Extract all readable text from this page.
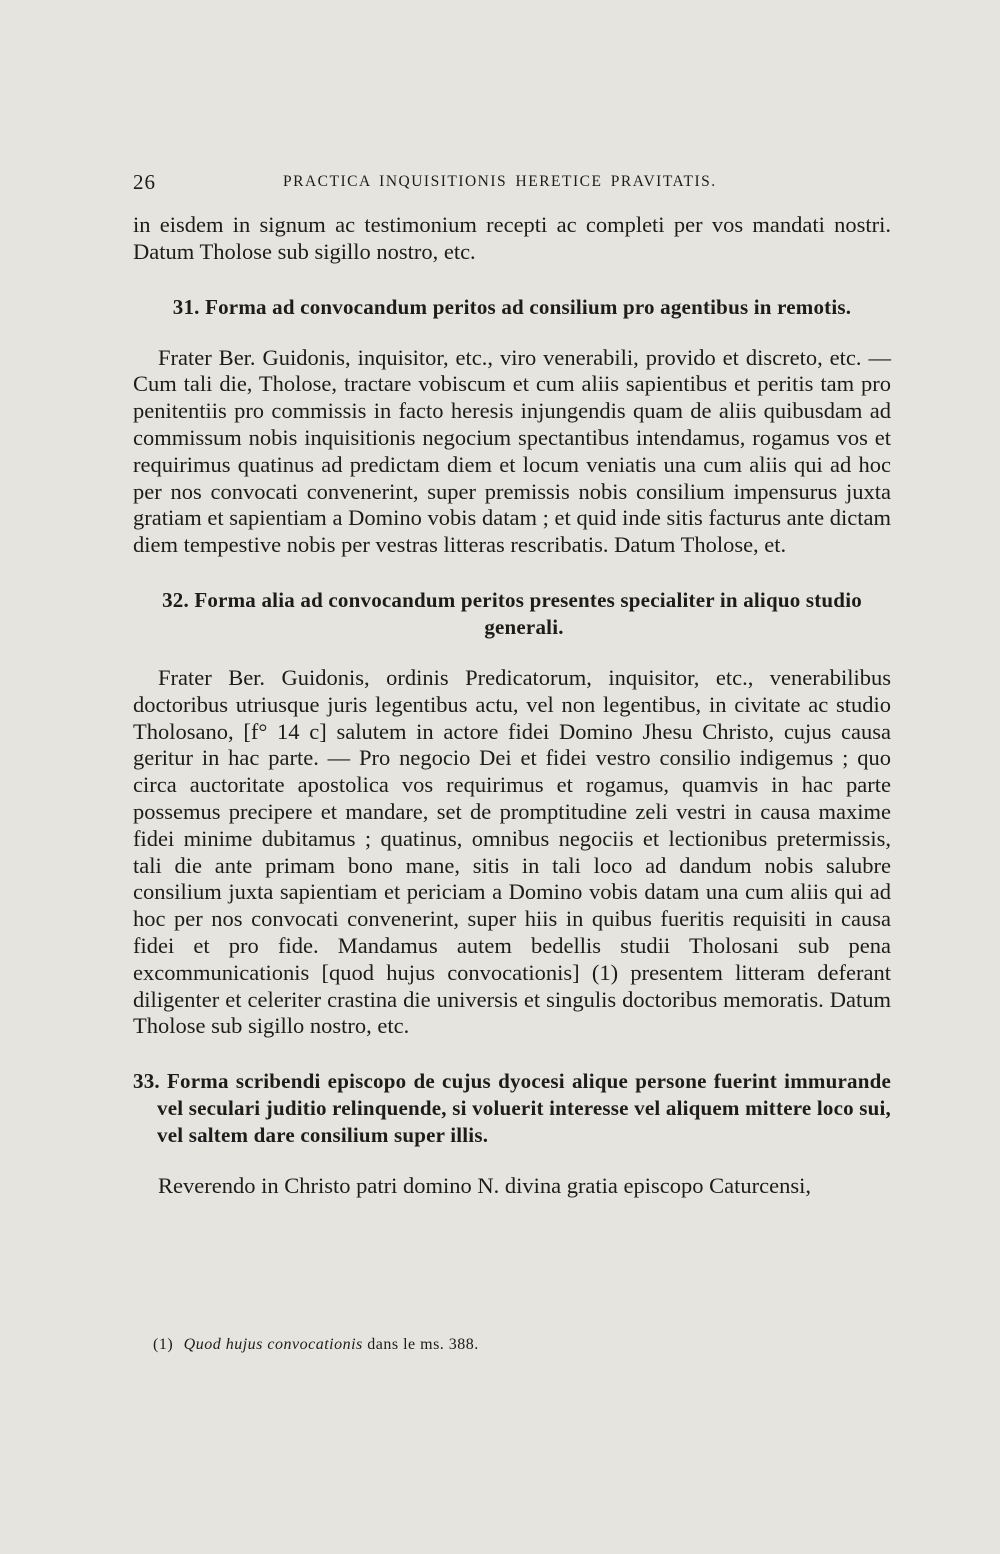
26	PRACTICA INQUISITIONIS HERETICE PRAVITATIS.

in eisdem in signum ac testimonium recepti ac completi per vos mandati nostri. Datum Tholose sub sigillo nostro, etc.

31. Forma ad convocandum peritos ad consilium pro agentibus in remotis.

Frater Ber. Guidonis, inquisitor, etc., viro venerabili, provido et discreto, etc. — Cum tali die, Tholose, tractare vobiscum et cum aliis sapientibus et peritis tam pro penitentiis pro commissis in facto heresis injungendis quam de aliis quibusdam ad commissum nobis inquisitionis negocium spectantibus intendamus, rogamus vos et requirimus quatinus ad predictam diem et locum veniatis una cum aliis qui ad hoc per nos convocati convenerint, super premissis nobis consilium impensurus juxta gratiam et sapientiam a Domino vobis datam ; et quid inde sitis facturus ante dictam diem tempestive nobis per vestras litteras rescribatis. Datum Tholose, et.

32. Forma alia ad convocandum peritos presentes specialiter in aliquo studio generali.

Frater Ber. Guidonis, ordinis Predicatorum, inquisitor, etc., venerabilibus doctoribus utriusque juris legentibus actu, vel non legentibus, in civitate ac studio Tholosano, [f° 14 c] salutem in actore fidei Domino Jhesu Christo, cujus causa geritur in hac parte. — Pro negocio Dei et fidei vestro consilio indigemus ; quo circa auctoritate apostolica vos requirimus et rogamus, quamvis in hac parte possemus precipere et mandare, set de promptitudine zeli vestri in causa maxime fidei minime dubitamus ; quatinus, omnibus negociis et lectionibus pretermissis, tali die ante primam bono mane, sitis in tali loco ad dandum nobis salubre consilium juxta sapientiam et periciam a Domino vobis datam una cum aliis qui ad hoc per nos convocati convenerint, super hiis in quibus fueritis requisiti in causa fidei et pro fide. Mandamus autem bedellis studii Tholosani sub pena excommunicationis [quod hujus convocationis] (1) presentem litteram deferant diligenter et celeriter crastina die universis et singulis doctoribus memoratis. Datum Tholose sub sigillo nostro, etc.

33. Forma scribendi episcopo de cujus dyocesi alique persone fuerint immurande vel seculari juditio relinquende, si voluerit interesse vel aliquem mittere loco sui, vel saltem dare consilium super illis.

Reverendo in Christo patri domino N. divina gratia episcopo Caturcensi,

(1) Quod hujus convocationis dans le ms. 388.
